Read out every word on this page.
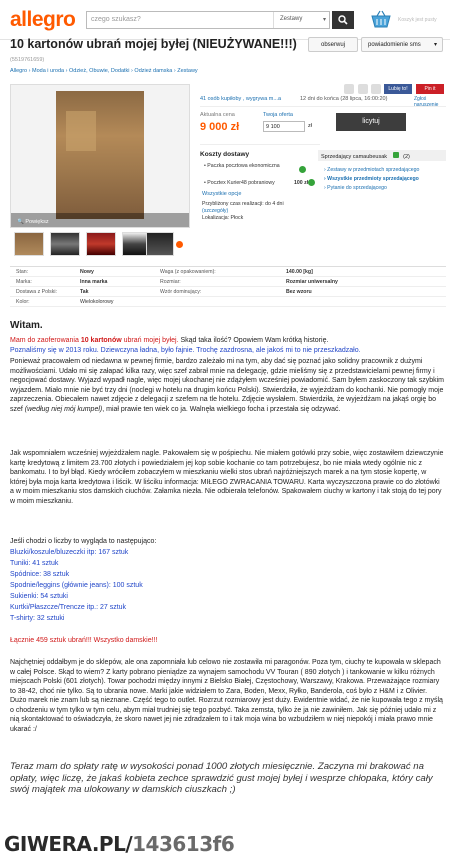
allegro czego szukasz?	Zestawy	▾	Koszyk jest pusty
10 kartonów ubrań mojej byłej (NIEUŻYWANE!!!)	obserwuj	powiadomienie sms ▾
(5519761659)
Allegro › Moda i uroda › Odzież, Obuwie, Dodatki › Odzież damska › Zestawy
🔍 Powiększ
Lubię to!	Pin it
41 osób kupiłoby , wygrywa m...a	12 dni do końca (28 lipca, 16:00:20)	Zgłoś naruszenie
Aktualna cena
9 000 zł
Twoja oferta
9 100	zł
licytuj
Koszty dostawy
• Paczka pocztowa ekonomiczna
• Pocztex Kurier48 pobraniowy	100 zł
Wszystkie opcje
Przybliżony czas realizacji: do 4 dni
(szczegóły)
Lokalizacja: Płock
Sprzedający camaubeusak	(2)
› Zestawy w przedmiotach sprzedającego
› Wszystkie przedmioty sprzedającego
› Pytanie do sprzedającego
Stan:	Nowy	Waga (z opakowaniem):	140.00 [kg]
Marka:	Inna marka	Rozmiar:	Rozmiar uniwersalny
Dostawa z Polski:	Tak	Wzór dominujący:	Bez wzoru
Kolor:	Wielokolorowy
Witam.
Mam do zaoferowania 10 kartonów ubrań mojej byłej. Skąd taka ilość? Opowiem Wam krótką historię.
Poznaliśmy się w 2013 roku. Dziewczyna ładna, było fajnie. Trochę zazdrosna, ale jakoś mi to nie przeszkadzało.
Ponieważ pracowałem od niedawna w pewnej firmie, bardzo zależało mi na tym, aby dać się poznać jako solidny pracownik z dużymi możliwościami. Udało mi się załapać kilka razy, więc szef zabrał mnie na delegację, gdzie mieliśmy się z przedstawicielami pewnej firmy i negocjować dostawy. Wyjazd wypadł nagle, więc mojej ukochanej nie zdążyłem wcześniej powiadomić. Sam byłem zaskoczony tak szybkim wyjazdem. Miało mnie nie być trzy dni (noclegi w hotelu na drugim końcu Polski). Stwierdziła, że wyjeżdżam do kochanki. Nie pomogły moje zaprzeczenia. Obiecałem nawet zdjęcie z delegacji z szefem na tle hotelu. Zdjęcie wysłałem. Stwierdziła, że wyjeżdżam na jakąś orgię bo szef (według niej mój kumpel), miał prawie ten wiek co ja. Walnęła wielkiego focha i przestała się odzywać.
Jak wspomniałem wcześniej wyjeżdżałem nagle. Pakowałem się w pośpiechu. Nie miałem gotówki przy sobie, więc zostawiłem dziewczynie kartę kredytową z limitem 23.700 złotych i powiedziałem jej kop sobie kochanie co tam potrzebujesz, bo nie miała wtedy ogólnie nic z bankomatu. I to był błąd. Kiedy wróciłem zobaczyłem w mieszkaniu wielki stos ubrań najróżniejszych marek a na tym stosie kopertę, w której była moja karta kredytowa i liścik. W liściku informacja: MIŁEGO ZWRACANIA TOWARU. Karta wyczyszczona prawie co do złotówki a w moim mieszkaniu stos damskich ciuchów. Załamka niezła. Nie odbierała telefonów. Spakowałem ciuchy w kartony i tak stoją do tej pory w moim mieszkaniu.
Jeśli chodzi o liczby to wygląda to następująco:
Bluzki/koszule/bluzeczki itp: 167 sztuk
Tuniki: 41 sztuk
Spódnice: 38 sztuk
Spodnie/leggins (głównie jeans): 100 sztuk
Sukienki: 54 sztuki
Kurtki/Płaszcze/Trencze itp.: 27 sztuk
T-shirty: 32 sztuki
Łącznie 459 sztuk ubrań!!! Wszystko damskie!!!
Najchętniej oddałbym je do sklepów, ale ona zapomniała lub celowo nie zostawiła mi paragonów. Poza tym, ciuchy te kupowała w sklepach w całej Polsce. Skąd to wiem? Z karty pobrano pieniądze za wynajem samochodu VV Touran ( 890 złotych ) i tankowanie w kilku różnych miejscach Polski (601 złotych). Towar pochodzi między innymi z Bielsko Białej, Częstochowy, Warszawy, Krakowa. Przeważające rozmiary to 38-42, choć nie tylko. Są to ubrania nowe. Marki jakie widziałem to Zara, Boden, Mexx, Ryłko, Banderola, coś było z H&M i z Olivier. Dużo marek nie znam lub są nieznane. Część tego to outlet. Rozrzut rozmiarowy jest duży. Ewidentnie widać, że nie kupowała tego z myślą o chodzeniu w tym tylko w tym celu, abym miał trudniej się tego pozbyć. Taka zemsta, tylko że ja nie zawiniłem. Jak się później udało mi z nią skontaktować to oświadczyła, że skoro nawet jej nie zdradzałem to i tak moja wina bo wzbudziłem w niej niepokój i miała prawo mnie ukarać :/
Teraz mam do spłaty ratę w wysokości ponad 1000 złotych miesięcznie. Zaczyna mi brakować na opłaty, więc liczę, że jakaś kobieta zechce sprawdzić gust mojej byłej i wesprze chłopaka, który cały swój majątek ma ulokowany w damskich ciuszkach ;)
GIWERA.PL/143613f6
